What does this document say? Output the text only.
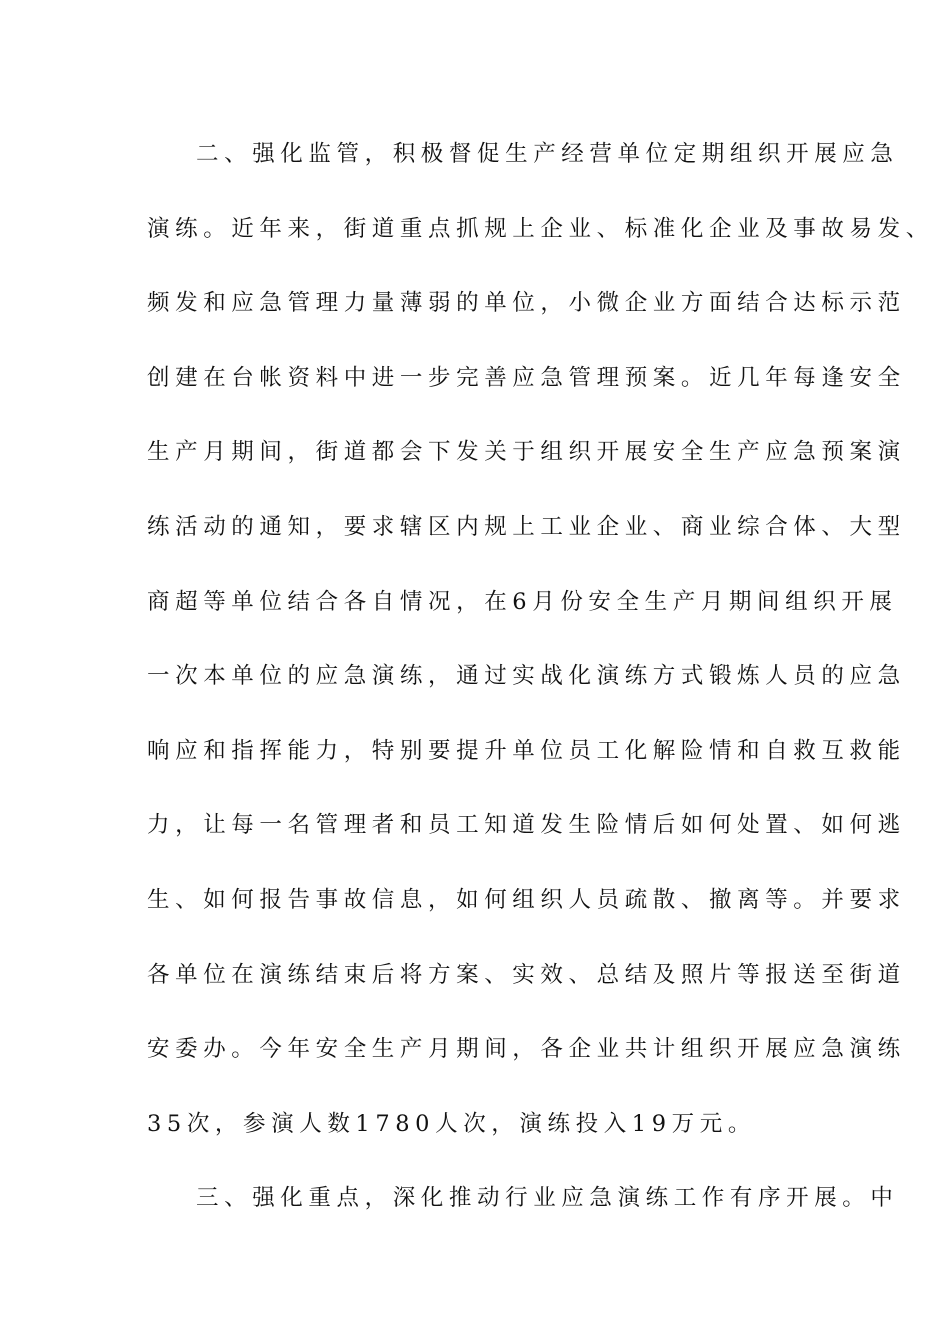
二、强化监管，积极督促生产经营单位定期组织开展应急
演练。近年来，街道重点抓规上企业、标准化企业及事故易发、
频发和应急管理力量薄弱的单位，小微企业方面结合达标示范
创建在台帐资料中进一步完善应急管理预案。近几年每逢安全
生产月期间，街道都会下发关于组织开展安全生产应急预案演
练活动的通知，要求辖区内规上工业企业、商业综合体、大型
商超等单位结合各自情况，在6月份安全生产月期间组织开展
一次本单位的应急演练，通过实战化演练方式锻炼人员的应急
响应和指挥能力，特别要提升单位员工化解险情和自救互救能
力，让每一名管理者和员工知道发生险情后如何处置、如何逃
生、如何报告事故信息，如何组织人员疏散、撤离等。并要求
各单位在演练结束后将方案、实效、总结及照片等报送至街道
安委办。今年安全生产月期间，各企业共计组织开展应急演练
35次，参演人数1780人次，演练投入19万元。
三、强化重点，深化推动行业应急演练工作有序开展。中
